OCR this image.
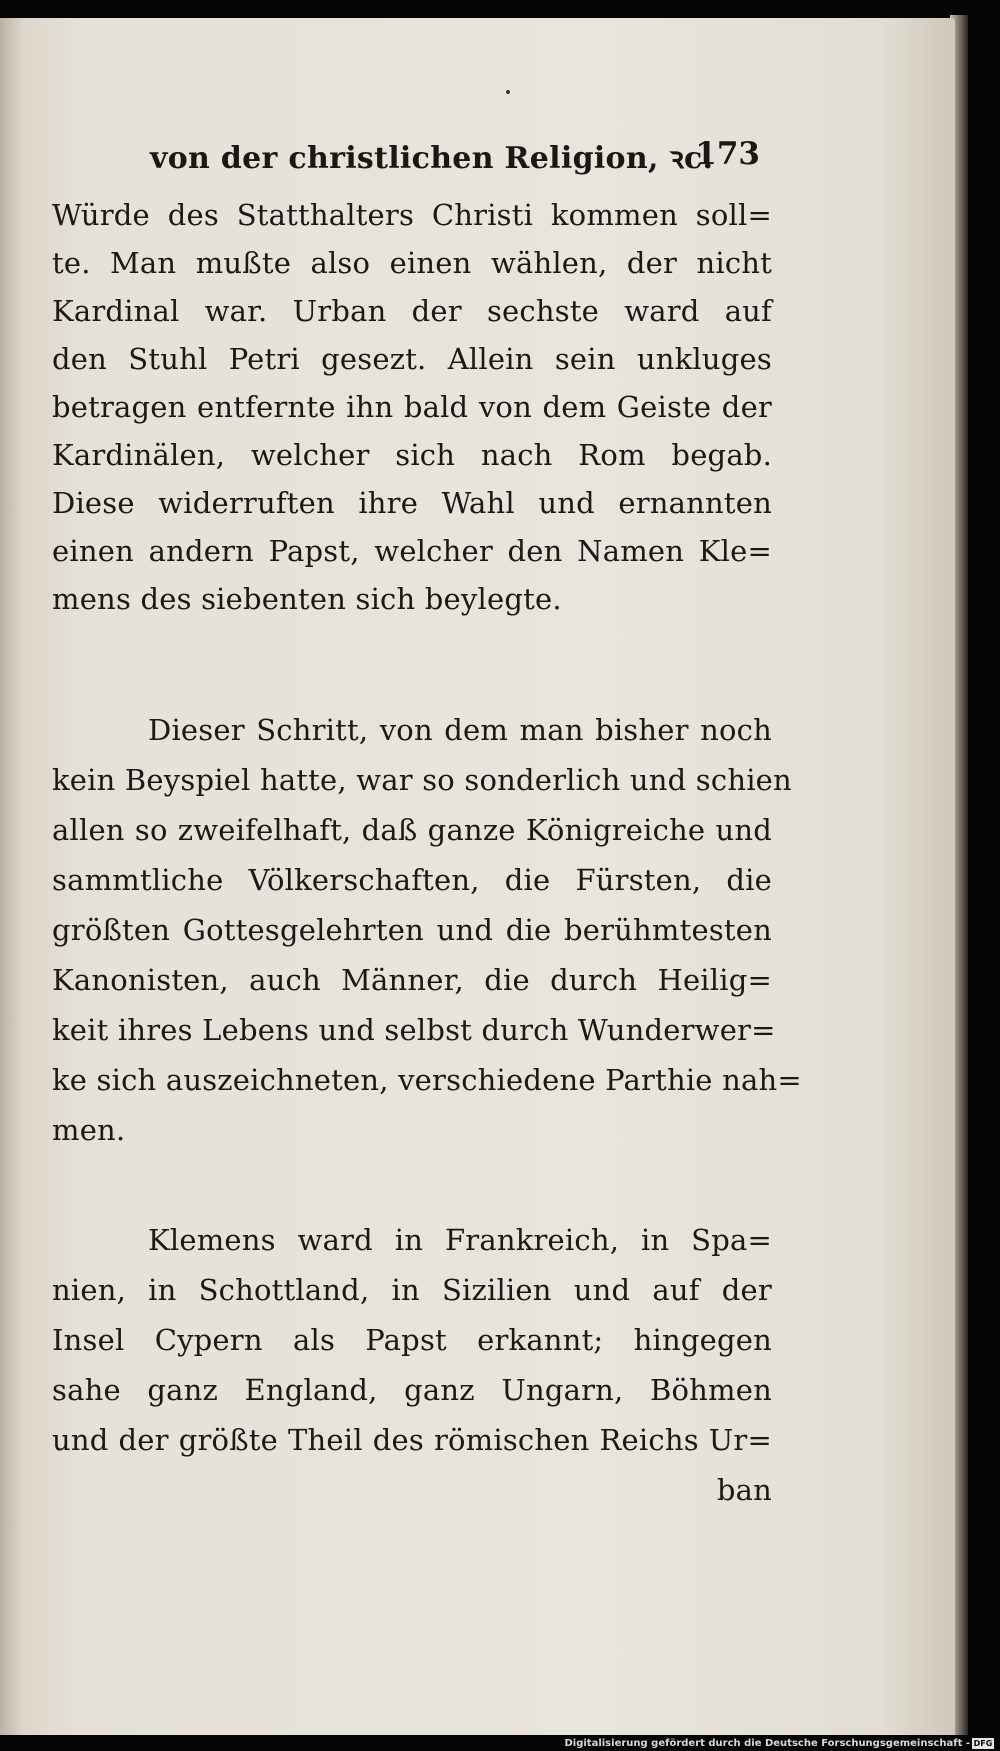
von der christlichen Religion, ꝛc.
173
Würde des Statthalters Christi kommen soll=
te. Man mußte also einen wählen, der nicht
Kardinal war. Urban der sechste ward auf
den Stuhl Petri gesezt. Allein sein unkluges
betragen entfernte ihn bald von dem Geiste der
Kardinälen, welcher sich nach Rom begab.
Diese widerruften ihre Wahl und ernannten
einen andern Papst, welcher den Namen Kle=
mens des siebenten sich beylegte.
Dieser Schritt, von dem man bisher noch
kein Beyspiel hatte, war so sonderlich und schien
allen so zweifelhaft, daß ganze Königreiche und
sammtliche Völkerschaften, die Fürsten, die
größten Gottesgelehrten und die berühmtesten
Kanonisten, auch Männer, die durch Heilig=
keit ihres Lebens und selbst durch Wunderwer=
ke sich auszeichneten, verschiedene Parthie nah=
men.
Klemens ward in Frankreich, in Spa=
nien, in Schottland, in Sizilien und auf der
Insel Cypern als Papst erkannt; hingegen
sahe ganz England, ganz Ungarn, Böhmen
und der größte Theil des römischen Reichs Ur=
ban
Digitalisierung gefördert durch die Deutsche Forschungsgemeinschaft - DFG
